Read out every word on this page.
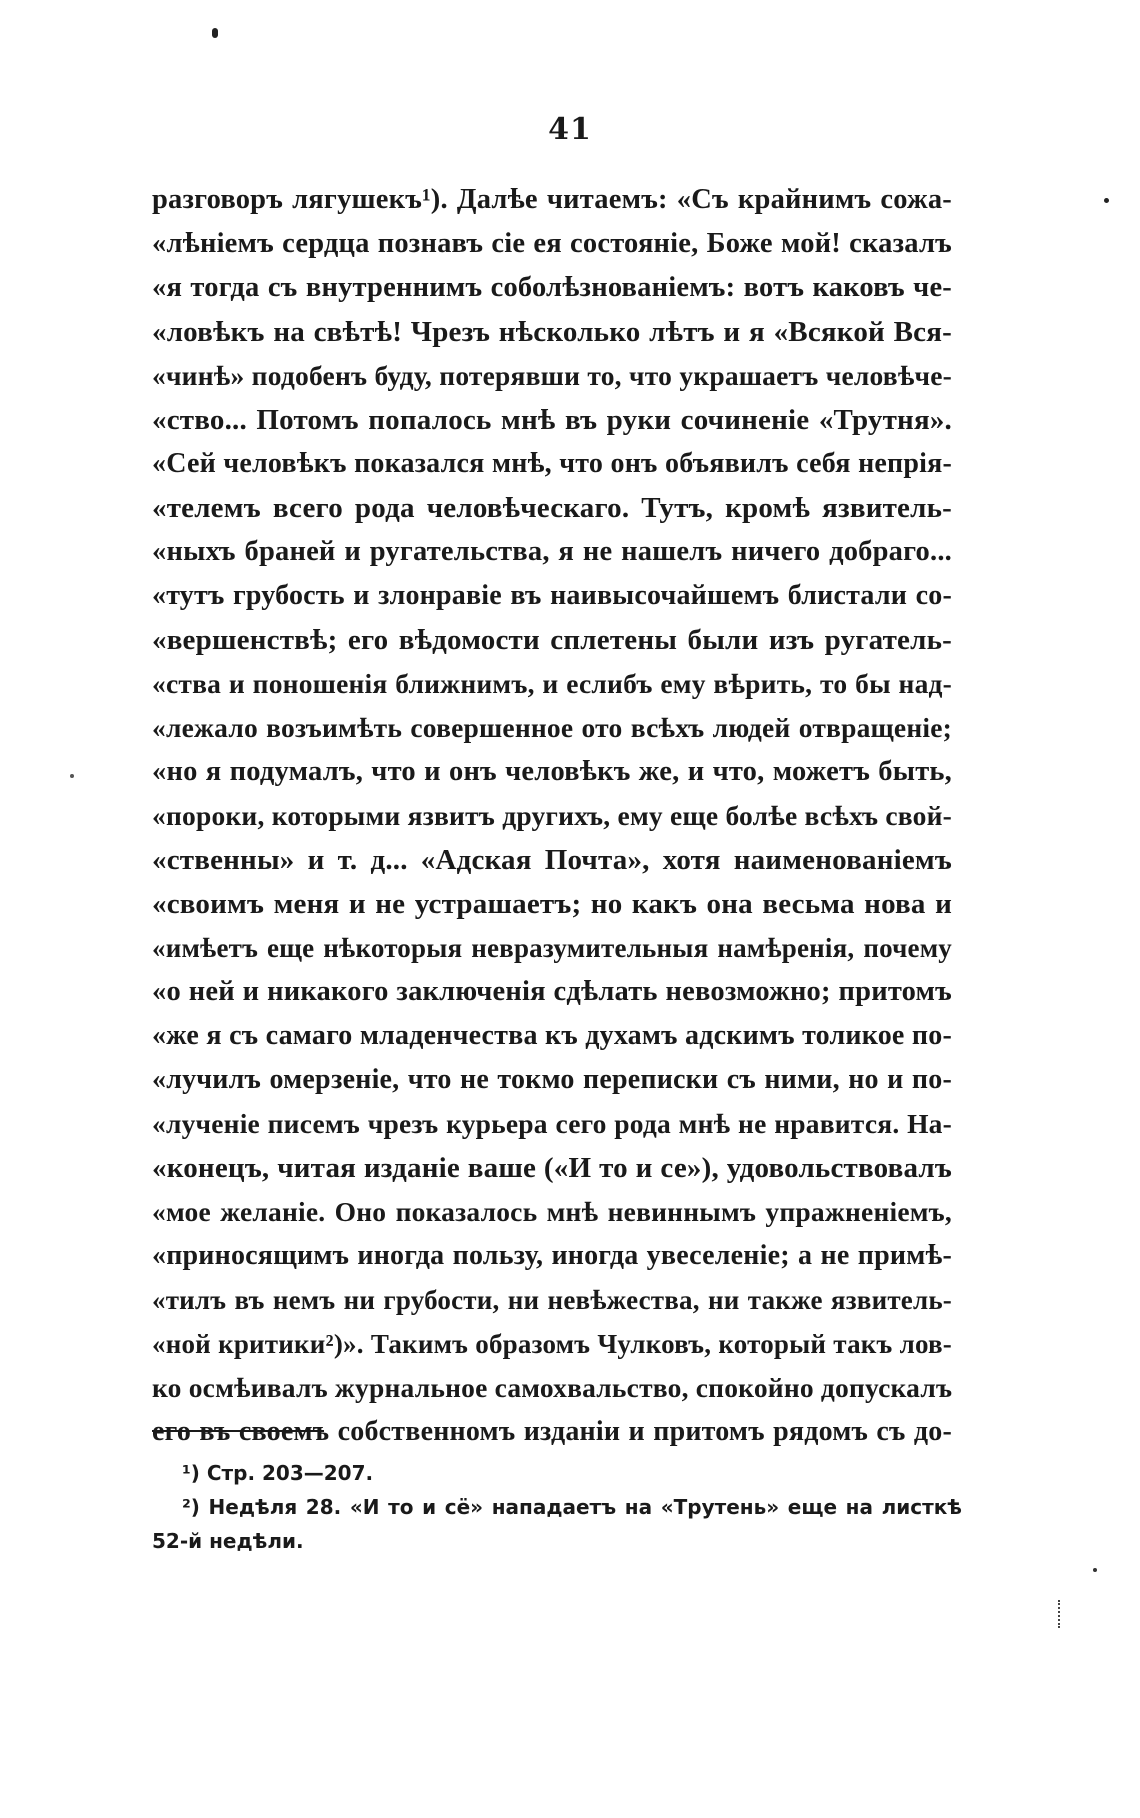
41
разговоръ лягушекъ¹). Далѣе читаемъ: «Съ крайнимъ сожа-
«лѣніемъ сердца познавъ сіе ея состояніе, Боже мой! сказалъ
«я тогда съ внутреннимъ соболѣзнованіемъ: вотъ каковъ че-
«ловѣкъ на свѣтѣ! Чрезъ нѣсколько лѣтъ и я «Всякой Вся-
«чинѣ» подобенъ буду, потерявши то, что украшаетъ человѣче-
«ство... Потомъ попалось мнѣ въ руки сочиненіе «Трутня».
«Сей человѣкъ показался мнѣ, что онъ объявилъ себя непрія-
«телемъ всего рода человѣческаго. Тутъ, кромѣ язвитель-
«ныхъ браней и ругательства, я не нашелъ ничего добраго...
«тутъ грубость и злонравіе въ наивысочайшемъ блистали со-
«вершенствѣ; его вѣдомости сплетены были изъ ругатель-
«ства и поношенія ближнимъ, и еслибъ ему вѣрить, то бы над-
«лежало возъимѣть совершенное ото всѣхъ людей отвращеніе;
«но я подумалъ, что и онъ человѣкъ же, и что, можетъ быть,
«пороки, которыми язвитъ другихъ, ему еще болѣе всѣхъ свой-
«ственны» и т. д... «Адская Почта», хотя наименованіемъ
«своимъ меня и не устрашаетъ; но какъ она весьма нова и
«имѣетъ еще нѣкоторыя невразумительныя намѣренія, почему
«о ней и никакого заключенія сдѣлать невозможно; притомъ
«же я съ самаго младенчества къ духамъ адскимъ толикое по-
«лучилъ омерзеніе, что не токмо переписки съ ними, но и по-
«лученіе писемъ чрезъ курьера сего рода мнѣ не нравится. На-
«конецъ, читая изданіе ваше («И то и се»), удовольствовалъ
«мое желаніе. Оно показалось мнѣ невиннымъ упражненіемъ,
«приносящимъ иногда пользу, иногда увеселеніе; а не примѣ-
«тилъ въ немъ ни грубости, ни невѣжества, ни также язвитель-
«ной критики²)». Такимъ образомъ Чулковъ, который такъ лов-
ко осмѣивалъ журнальное самохвальство, спокойно допускалъ
его въ своемъ собственномъ изданіи и притомъ рядомъ съ до-
¹) Стр. 203—207.
²) Недѣля 28. «И то и сё» нападаетъ на «Трутень» еще на листкѣ
52-й недѣли.
